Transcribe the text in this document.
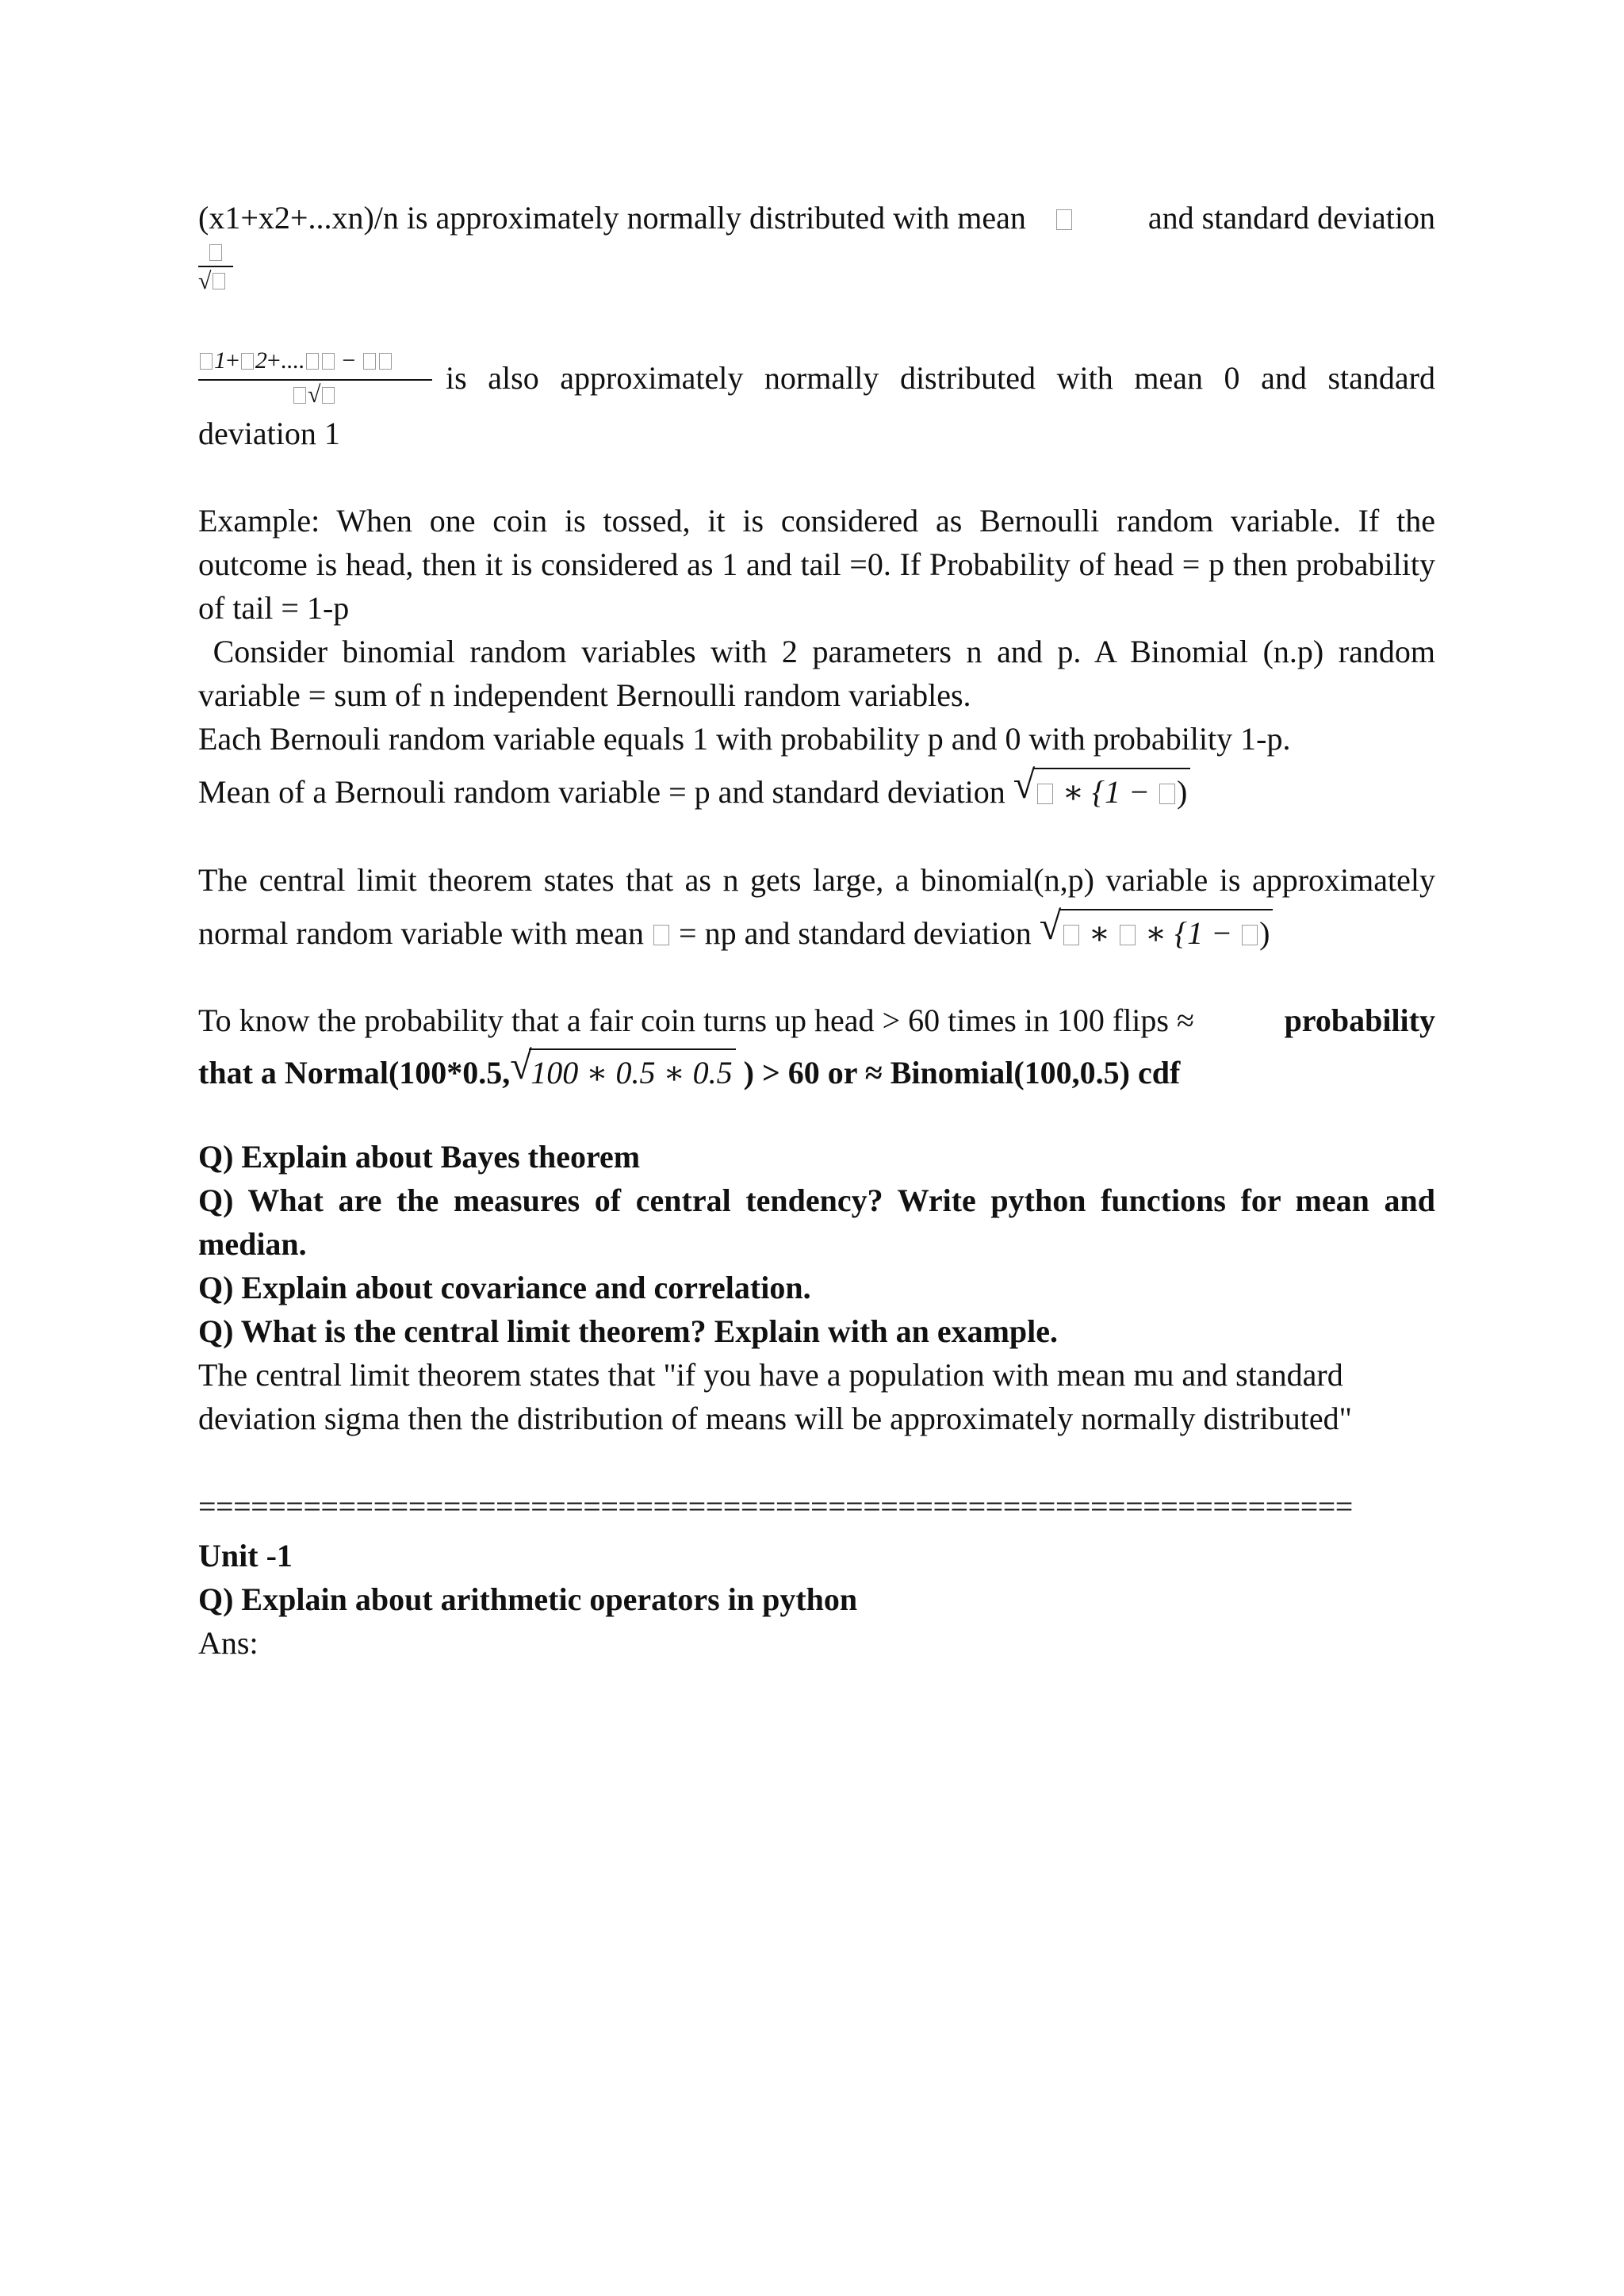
(x1+x2+...xn)/n is approximately normally distributed with mean	and standard deviation
√
1+ 2+.... −
√	is also approximately normally distributed with mean 0 and standard
deviation 1
Example: When one coin is tossed, it is considered as Bernoulli random variable. If the
outcome is head, then it is considered as 1 and tail =0. If Probability of head = p then probability
of tail = 1-p
Consider binomial random variables with 2 parameters n and p. A Binomial (n.p) random
variable = sum of n independent Bernoulli random variables.
Each Bernouli random variable equals 1 with probability p and 0 with probability 1-p.
Mean of a Bernouli random variable = p and standard deviation √  ∗ {1 − )
The central limit theorem states that as n gets large, a binomial(n,p) variable is approximately
normal random variable with mean = np and standard deviation √  ∗  ∗ {1 − )
To know the probability that a fair coin turns up head > 60 times in 100 flips ≈	probability
that a Normal(100*0.5,√ 100 ∗ 0.5 ∗ 0.5 ) > 60 or ≈ Binomial(100,0.5) cdf
Q) Explain about Bayes theorem
Q) What are the measures of central tendency? Write python functions for mean and
median.
Q) Explain about covariance and correlation.
Q) What is the central limit theorem? Explain with an example.
The central limit theorem states that "if you have a population with mean mu and standard
deviation sigma then the distribution of means will be approximately normally distributed"
==================================================================
Unit -1
Q) Explain about arithmetic operators in python
Ans:
